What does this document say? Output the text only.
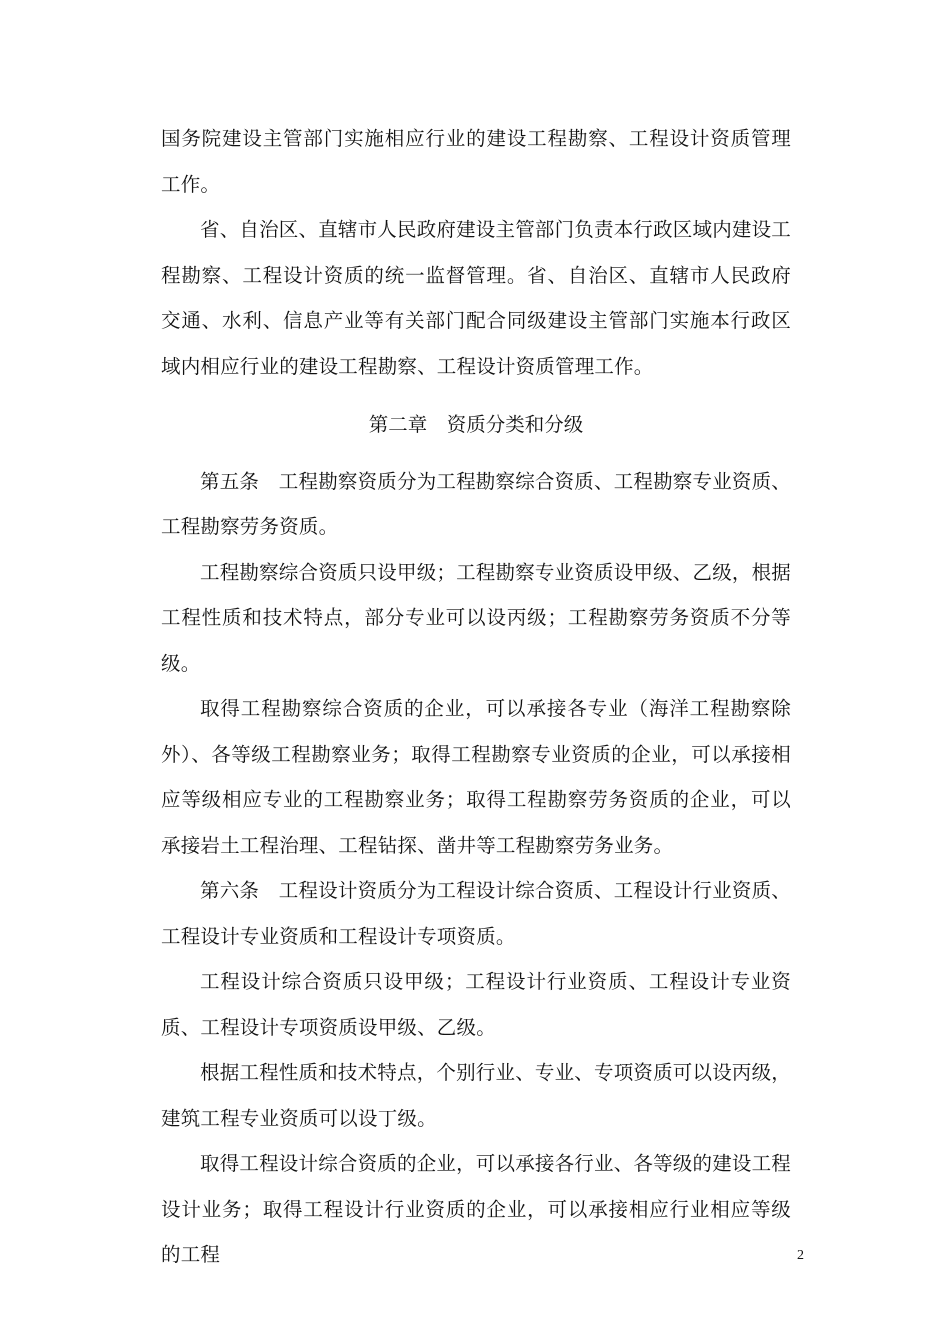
国务院建设主管部门实施相应行业的建设工程勘察、工程设计资质管理工作。

省、自治区、直辖市人民政府建设主管部门负责本行政区域内建设工程勘察、工程设计资质的统一监督管理。省、自治区、直辖市人民政府交通、水利、信息产业等有关部门配合同级建设主管部门实施本行政区域内相应行业的建设工程勘察、工程设计资质管理工作。

第二章　资质分类和分级

第五条　工程勘察资质分为工程勘察综合资质、工程勘察专业资质、工程勘察劳务资质。

工程勘察综合资质只设甲级；工程勘察专业资质设甲级、乙级，根据工程性质和技术特点，部分专业可以设丙级；工程勘察劳务资质不分等级。

取得工程勘察综合资质的企业，可以承接各专业（海洋工程勘察除外）、各等级工程勘察业务；取得工程勘察专业资质的企业，可以承接相应等级相应专业的工程勘察业务；取得工程勘察劳务资质的企业，可以承接岩土工程治理、工程钻探、凿井等工程勘察劳务业务。

第六条　工程设计资质分为工程设计综合资质、工程设计行业资质、工程设计专业资质和工程设计专项资质。

工程设计综合资质只设甲级；工程设计行业资质、工程设计专业资质、工程设计专项资质设甲级、乙级。

根据工程性质和技术特点，个别行业、专业、专项资质可以设丙级，建筑工程专业资质可以设丁级。

取得工程设计综合资质的企业，可以承接各行业、各等级的建设工程设计业务；取得工程设计行业资质的企业，可以承接相应行业相应等级的工程	2
